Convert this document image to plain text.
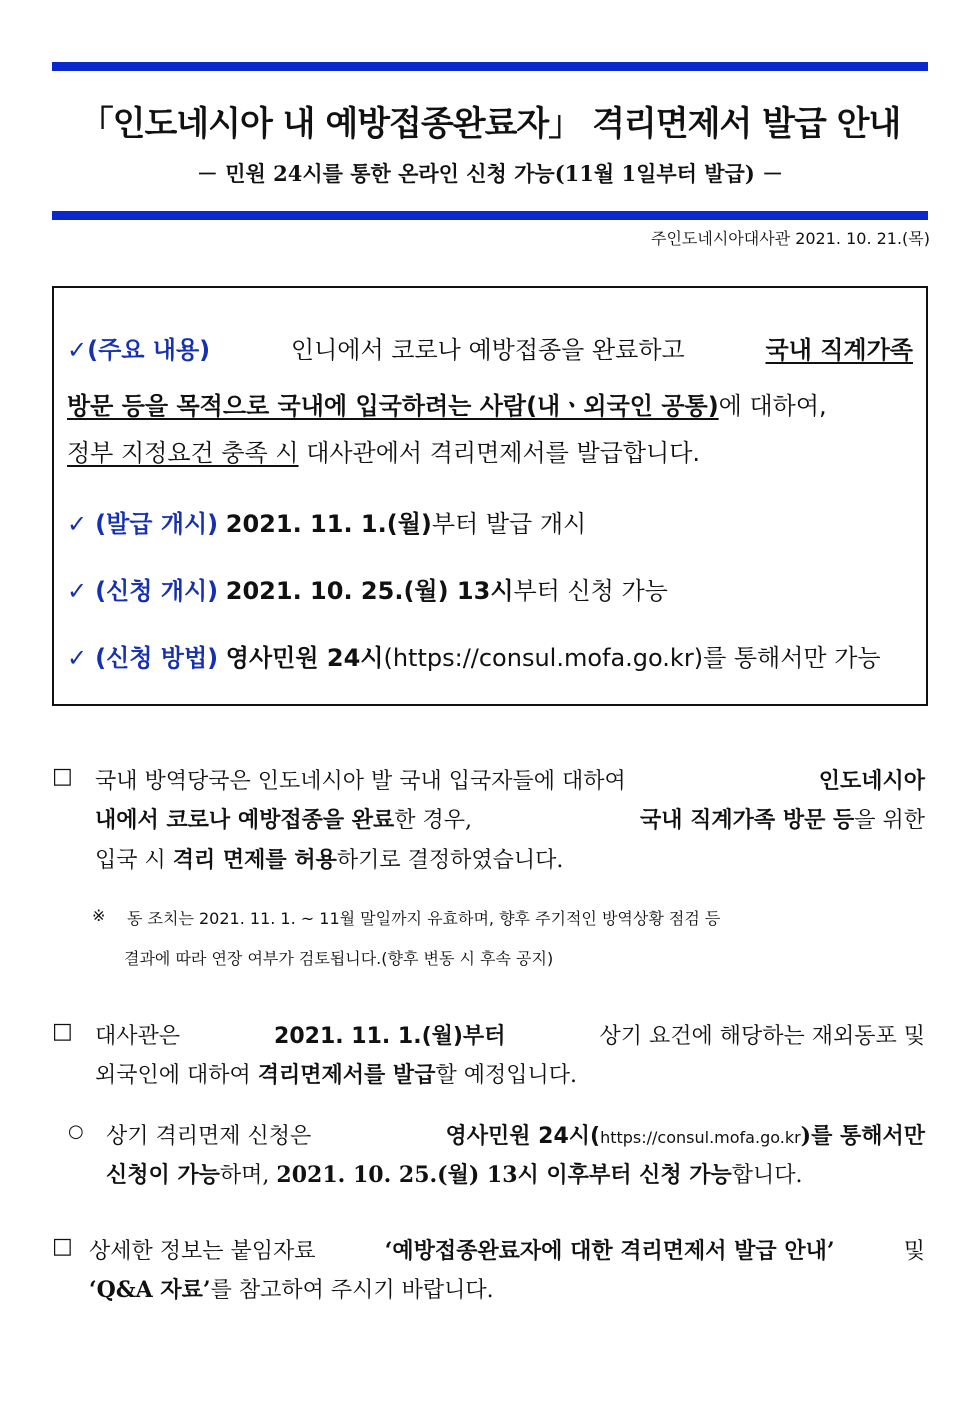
「인도네시아 내 예방접종완료자」 격리면제서 발급 안내
－ 민원 24시를 통한 온라인 신청 가능(11월 1일부터 발급) －
주인도네시아대사관 2021. 10. 21.(목)
✓(주요 내용)	인니에서 코로나 예방접종을 완료하고	국내 직계가족
방문 등을 목적으로 국내에 입국하려는 사람(내ㆍ외국인 공통)에 대하여,
정부 지정요건 충족 시 대사관에서 격리면제서를 발급합니다.
✓ (발급 개시) 2021. 11. 1.(월)부터 발급 개시
✓ (신청 개시) 2021. 10. 25.(월) 13시부터 신청 가능
✓ (신청 방법) 영사민원 24시(https://consul.mofa.go.kr)를 통해서만 가능
□ 국내 방역당국은 인도네시아 발 국내 입국자들에 대하여	인도네시아
내에서 코로나 예방접종을 완료한 경우,	국내 직계가족 방문 등을 위한
입국 시 격리 면제를 허용하기로 결정하였습니다.
※ 동 조치는 2021. 11. 1. ~ 11월 말일까지 유효하며, 향후 주기적인 방역상황 점검 등
결과에 따라 연장 여부가 검토됩니다.(향후 변동 시 후속 공지)
□ 대사관은	2021. 11. 1.(월)부터	상기 요건에 해당하는 재외동포 및
외국인에 대하여 격리면제서를 발급할 예정입니다.
○ 상기 격리면제 신청은	영사민원 24시(https://consul.mofa.go.kr)를 통해서만
신청이 가능하며, 2021. 10. 25.(월) 13시 이후부터 신청 가능합니다.
□ 상세한 정보는 붙임자료	‘예방접종완료자에 대한 격리면제서 발급 안내’	및
‘Q&A 자료’를 참고하여 주시기 바랍니다.
